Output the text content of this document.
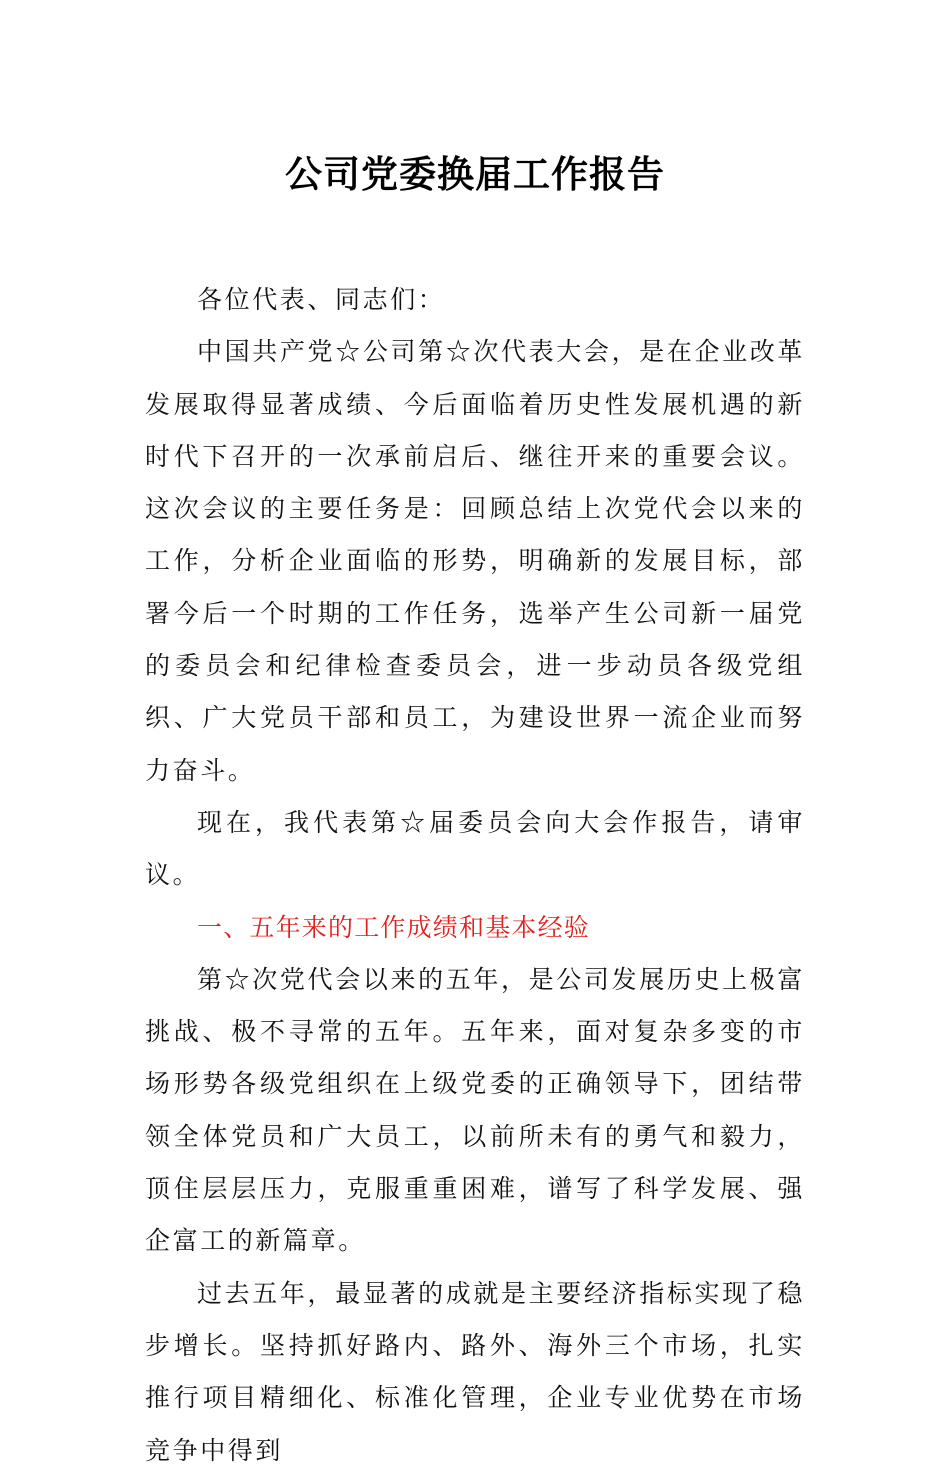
公司党委换届工作报告

各位代表、同志们：

中国共产党☆公司第☆次代表大会，是在企业改革发展取得显著成绩、今后面临着历史性发展机遇的新时代下召开的一次承前启后、继往开来的重要会议。这次会议的主要任务是：回顾总结上次党代会以来的工作，分析企业面临的形势，明确新的发展目标，部署今后一个时期的工作任务，选举产生公司新一届党的委员会和纪律检查委员会，进一步动员各级党组织、广大党员干部和员工，为建设世界一流企业而努力奋斗。

现在，我代表第☆届委员会向大会作报告，请审议。

一、五年来的工作成绩和基本经验

第☆次党代会以来的五年，是公司发展历史上极富挑战、极不寻常的五年。五年来，面对复杂多变的市场形势各级党组织在上级党委的正确领导下，团结带领全体党员和广大员工，以前所未有的勇气和毅力，顶住层层压力，克服重重困难，谱写了科学发展、强企富工的新篇章。

过去五年，最显著的成就是主要经济指标实现了稳步增长。坚持抓好路内、路外、海外三个市场，扎实推行项目精细化、标准化管理，企业专业优势在市场竞争中得到
